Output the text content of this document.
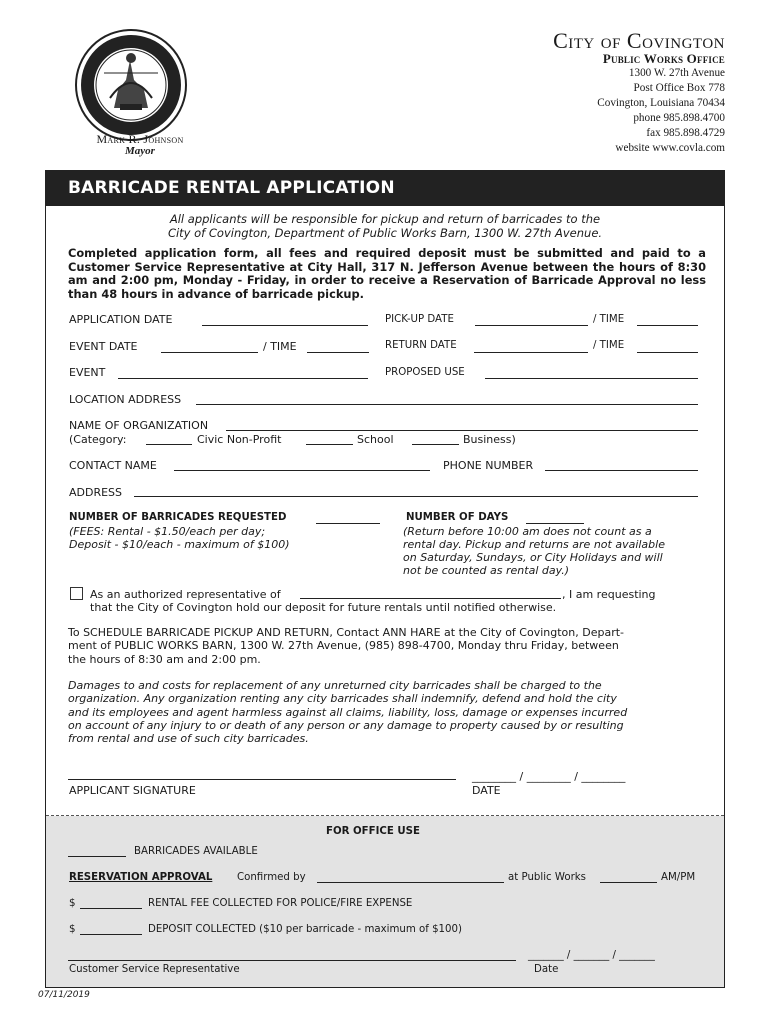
Mark R. Johnson
Mayor
City of Covington
Public Works Office
1300 W. 27th Avenue
Post Office Box 778
Covington, Louisiana 70434
phone 985.898.4700
fax 985.898.4729
website www.covla.com
BARRICADE RENTAL APPLICATION
All applicants will be responsible for pickup and return of barricades to the
City of Covington, Department of Public Works Barn, 1300 W. 27th Avenue.
Completed application form, all fees and required deposit must be submitted and paid to a Customer Service Representative at City Hall, 317 N. Jefferson Avenue between the hours of 8:30 am and 2:00 pm, Monday - Friday, in order to receive a Reservation of Barricade Approval no less than 48 hours in advance of barricade pickup.
APPLICATION DATE	PICK-UP DATE	/ TIME
EVENT DATE	/ TIME	RETURN DATE	/ TIME
EVENT	PROPOSED USE
LOCATION ADDRESS
NAME OF ORGANIZATION
(Category:	Civic Non-Profit	School	Business)
CONTACT NAME	PHONE NUMBER
ADDRESS
NUMBER OF BARRICADES REQUESTED
(FEES: Rental - $1.50/each per day;
Deposit - $10/each - maximum of $100)
NUMBER OF DAYS
(Return before 10:00 am does not count as a
rental day. Pickup and returns are not available
on Saturday, Sundays, or City Holidays and will
not be counted as rental day.)
As an authorized representative of	, I am requesting
that the City of Covington hold our deposit for future rentals until notified otherwise.
To SCHEDULE BARRICADE PICKUP AND RETURN, Contact ANN HARE at the City of Covington, Depart-
ment of PUBLIC WORKS BARN, 1300 W. 27th Avenue, (985) 898-4700, Monday thru Friday, between
the hours of 8:30 am and 2:00 pm.
Damages to and costs for replacement of any unreturned city barricades shall be charged to the
organization. Any organization renting any city barricades shall indemnify, defend and hold the city
and its employees and agent harmless against all claims, liability, loss, damage or expenses incurred
on account of any injury to or death of any person or any damage to property caused by or resulting
from rental and use of such city barricades.
________ / ________ / ________
APPLICANT SIGNATURE	DATE
FOR OFFICE USE
BARRICADES AVAILABLE
RESERVATION APPROVAL Confirmed by	at Public Works	AM/PM
$	RENTAL FEE COLLECTED FOR POLICE/FIRE EXPENSE
$	DEPOSIT COLLECTED ($10 per barricade - maximum of $100)
_______ / _______ / _______
Customer Service Representative	Date
07/11/2019
